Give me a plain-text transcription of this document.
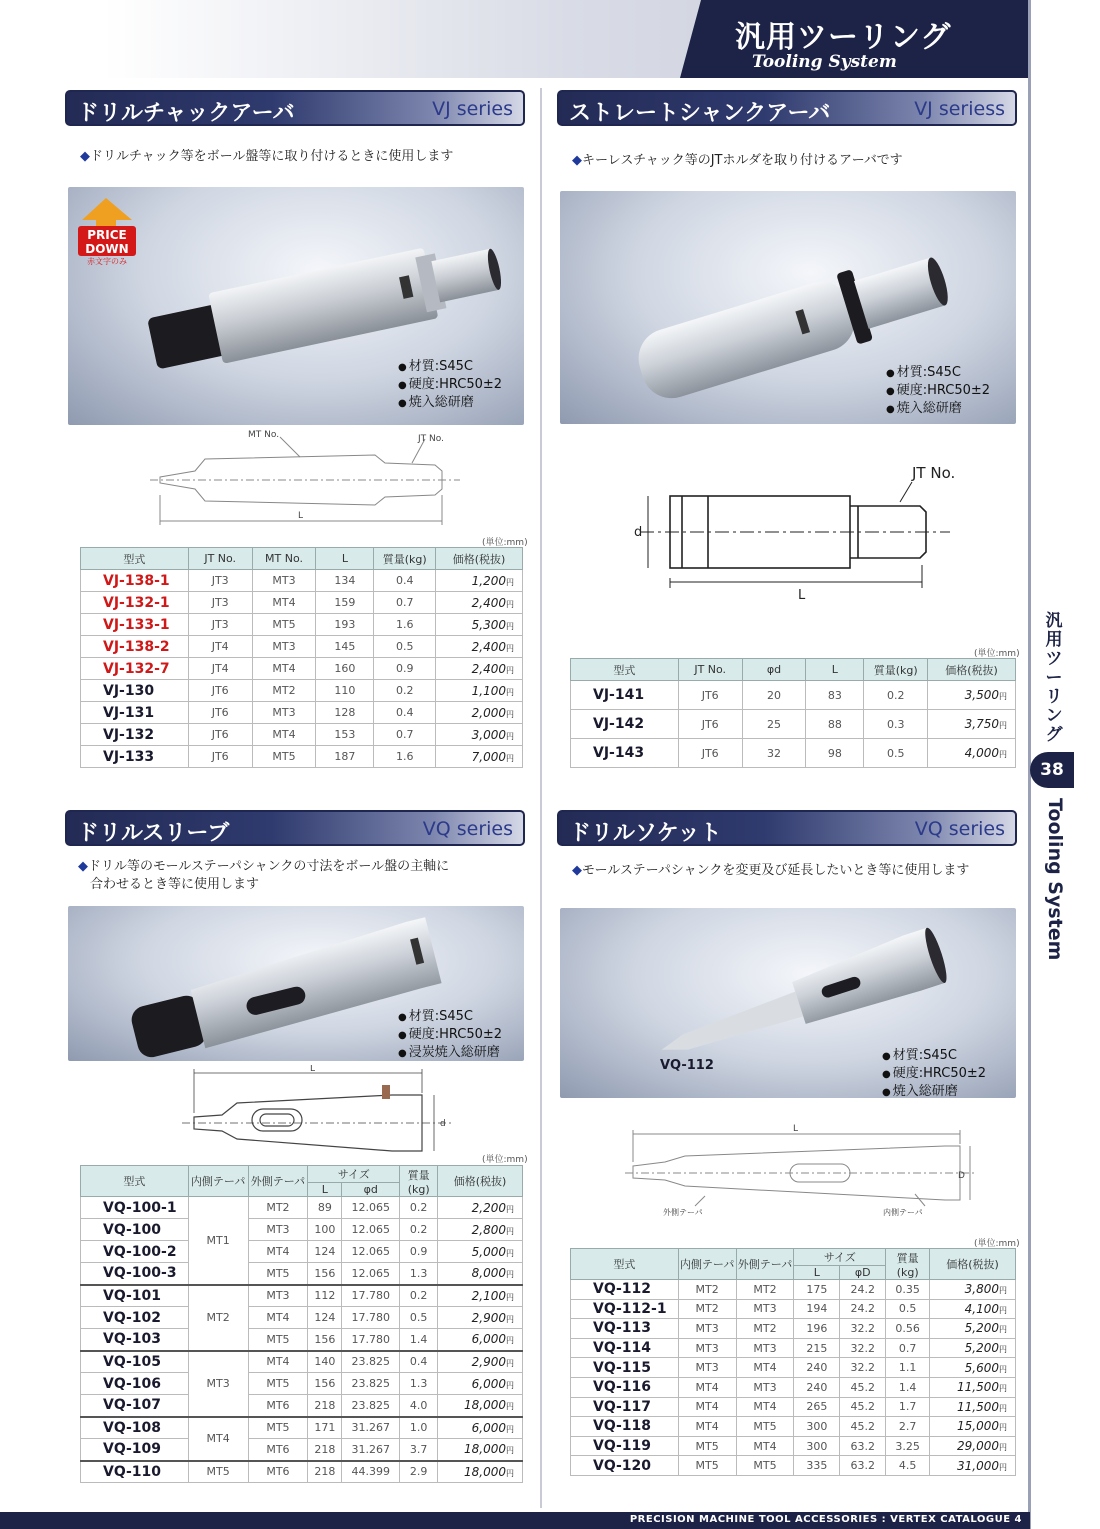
汎用ツーリング
Tooling System
ドリルチャックアーバ	VJ series
◆ドリルチャック等をボール盤等に取り付けるときに使用します
PRICE
DOWN
赤文字のみ
● 材質:S45C
● 硬度:HRC50±2
● 焼入総研磨
MT No.	JT No.
L
(単位:mm)
型式	JT No.	MT No.	L	質量(kg)	価格(税抜)
VJ-138-1	JT3	MT3	134	0.4	1,200円
VJ-132-1	JT3	MT4	159	0.7	2,400円
VJ-133-1	JT3	MT5	193	1.6	5,300円
VJ-138-2	JT4	MT3	145	0.5	2,400円
VJ-132-7	JT4	MT4	160	0.9	2,400円
VJ-130	JT6	MT2	110	0.2	1,100円
VJ-131	JT6	MT3	128	0.4	2,000円
VJ-132	JT6	MT4	153	0.7	3,000円
VJ-133	JT6	MT5	187	1.6	7,000円
ストレートシャンクアーバ	VJ seriess
◆キーレスチャック等のJTホルダを取り付けるアーバです
● 材質:S45C
● 硬度:HRC50±2
● 焼入総研磨
JT No.
d
L
(単位:mm)
型式	JT No.	φd	L	質量(kg)	価格(税抜)
VJ-141	JT6	20	83	0.2	3,500円
VJ-142	JT6	25	88	0.3	3,750円
VJ-143	JT6	32	98	0.5	4,000円
ドリルスリーブ	VQ series
◆ドリル等のモールステーパシャンクの寸法をボール盤の主軸に
合わせるとき等に使用します
● 材質:S45C
● 硬度:HRC50±2
● 浸炭焼入総研磨
L
d
(単位:mm)
型式	内側テーパ	外側テーパ	サイズ		質量(kg)	価格(税抜)
			L	φd		
VQ-100-1	MT1	MT2	89	12.065	0.2	2,200円
VQ-100		MT3	100	12.065	0.2	2,800円
VQ-100-2		MT4	124	12.065	0.9	5,000円
VQ-100-3		MT5	156	12.065	1.3	8,000円
VQ-101	MT2	MT3	112	17.780	0.2	2,100円
VQ-102		MT4	124	17.780	0.5	2,900円
VQ-103		MT5	156	17.780	1.4	6,000円
VQ-105	MT3	MT4	140	23.825	0.4	2,900円
VQ-106		MT5	156	23.825	1.3	6,000円
VQ-107		MT6	218	23.825	4.0	18,000円
VQ-108	MT4	MT5	171	31.267	1.0	6,000円
VQ-109		MT6	218	31.267	3.7	18,000円
VQ-110	MT5	MT6	218	44.399	2.9	18,000円
ドリルソケット	VQ series
◆モールステーパシャンクを変更及び延長したいとき等に使用します
VQ-112
● 材質:S45C
● 硬度:HRC50±2
● 焼入総研磨
L
D
外側テーパ	内側テーパ
(単位:mm)
型式	内側テーパ	外側テーパ	サイズ		質量(kg)	価格(税抜)
			L	φD		
VQ-112	MT2	MT2	175	24.2	0.35	3,800円
VQ-112-1	MT2	MT3	194	24.2	0.5	4,100円
VQ-113	MT3	MT2	196	32.2	0.56	5,200円
VQ-114	MT3	MT3	215	32.2	0.7	5,200円
VQ-115	MT3	MT4	240	32.2	1.1	5,600円
VQ-116	MT4	MT3	240	45.2	1.4	11,500円
VQ-117	MT4	MT4	265	45.2	1.7	11,500円
VQ-118	MT4	MT5	300	45.2	2.7	15,000円
VQ-119	MT5	MT4	300	63.2	3.25	29,000円
VQ-120	MT5	MT5	335	63.2	4.5	31,000円
汎用ツーリング
38
Tooling System
PRECISION MACHINE TOOL ACCESSORIES : VERTEX CATALOGUE 4
